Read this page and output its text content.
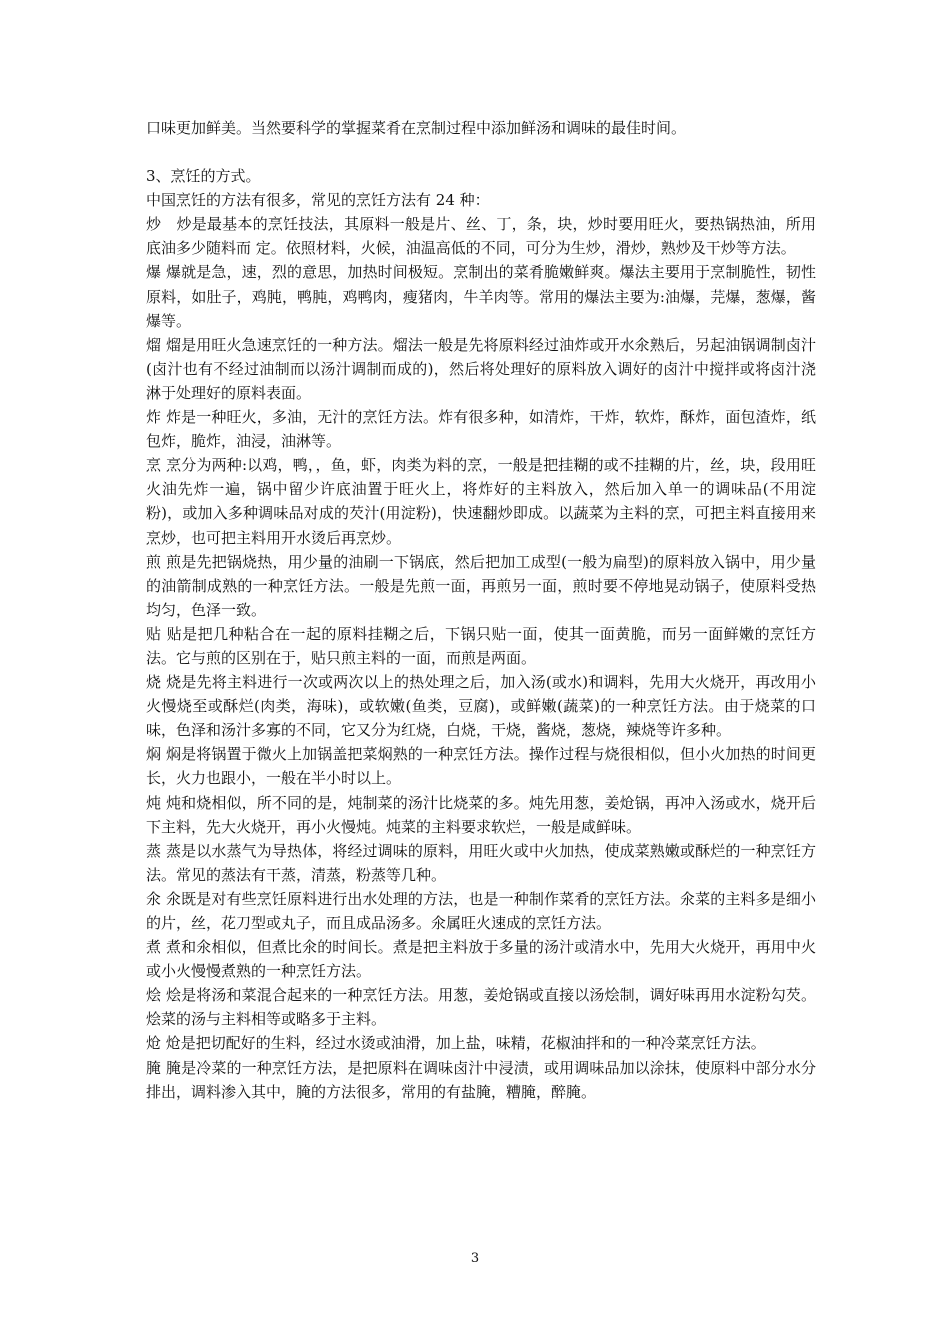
口味更加鲜美。当然要科学的掌握菜肴在烹制过程中添加鲜汤和调味的最佳时间。

3、烹饪的方式。

中国烹饪的方法有很多，常见的烹饪方法有 24 种：

炒　炒是最基本的烹饪技法，其原料一般是片、丝、丁，条，块，炒时要用旺火，要热锅热油，所用底油多少随料而 定。依照材料，火候，油温高低的不同，可分为生炒，滑炒，熟炒及干炒等方法。

爆 爆就是急，速，烈的意思，加热时间极短。烹制出的菜肴脆嫩鲜爽。爆法主要用于烹制脆性，韧性原料，如肚子，鸡肫，鸭肫，鸡鸭肉，瘦猪肉，牛羊肉等。常用的爆法主要为:油爆，芫爆，葱爆，酱爆等。

熘 熘是用旺火急速烹饪的一种方法。熘法一般是先将原料经过油炸或开水氽熟后，另起油锅调制卤汁(卤汁也有不经过油制而以汤汁调制而成的)，然后将处理好的原料放入调好的卤汁中搅拌或将卤汁浇淋于处理好的原料表面。

炸 炸是一种旺火，多油，无汁的烹饪方法。炸有很多种，如清炸，干炸，软炸，酥炸，面包渣炸，纸包炸，脆炸，油浸，油淋等。

烹 烹分为两种:以鸡，鸭，，鱼，虾，肉类为料的烹，一般是把挂糊的或不挂糊的片，丝，块，段用旺火油先炸一遍，锅中留少许底油置于旺火上，将炸好的主料放入，然后加入单一的调味品(不用淀粉)，或加入多种调味品对成的芡汁(用淀粉)，快速翻炒即成。以蔬菜为主料的烹，可把主料直接用来烹炒，也可把主料用开水烫后再烹炒。

煎 煎是先把锅烧热，用少量的油刷一下锅底，然后把加工成型(一般为扁型)的原料放入锅中，用少量的油箭制成熟的一种烹饪方法。一般是先煎一面，再煎另一面，煎时要不停地晃动锅子，使原料受热均匀，色泽一致。

贴 贴是把几种粘合在一起的原料挂糊之后，下锅只贴一面，使其一面黄脆，而另一面鲜嫩的烹饪方法。它与煎的区别在于，贴只煎主料的一面，而煎是两面。

烧 烧是先将主料进行一次或两次以上的热处理之后，加入汤(或水)和调料，先用大火烧开，再改用小火慢烧至或酥烂(肉类，海味)，或软嫩(鱼类，豆腐)，或鲜嫩(蔬菜)的一种烹饪方法。由于烧菜的口味，色泽和汤汁多寡的不同，它又分为红烧，白烧，干烧，酱烧，葱烧，辣烧等许多种。

焖 焖是将锅置于微火上加锅盖把菜焖熟的一种烹饪方法。操作过程与烧很相似，但小火加热的时间更长，火力也跟小，一般在半小时以上。

炖 炖和烧相似，所不同的是，炖制菜的汤汁比烧菜的多。炖先用葱，姜炝锅，再冲入汤或水，烧开后下主料，先大火烧开，再小火慢炖。炖菜的主料要求软烂，一般是咸鲜味。

蒸 蒸是以水蒸气为导热体，将经过调味的原料，用旺火或中火加热，使成菜熟嫩或酥烂的一种烹饪方法。常见的蒸法有干蒸，清蒸，粉蒸等几种。

氽 氽既是对有些烹饪原料进行出水处理的方法，也是一种制作菜肴的烹饪方法。氽菜的主料多是细小的片，丝，花刀型或丸子，而且成品汤多。氽属旺火速成的烹饪方法。

煮 煮和氽相似，但煮比氽的时间长。煮是把主料放于多量的汤汁或清水中，先用大火烧开，再用中火或小火慢慢煮熟的一种烹饪方法。

烩 烩是将汤和菜混合起来的一种烹饪方法。用葱，姜炝锅或直接以汤烩制，调好味再用水淀粉勾芡。烩菜的汤与主料相等或略多于主料。

炝 炝是把切配好的生料，经过水烫或油滑，加上盐，味精，花椒油拌和的一种冷菜烹饪方法。

腌 腌是冷菜的一种烹饪方法，是把原料在调味卤汁中浸渍，或用调味品加以涂抹，使原料中部分水分排出，调料渗入其中，腌的方法很多，常用的有盐腌，糟腌，醉腌。

3
